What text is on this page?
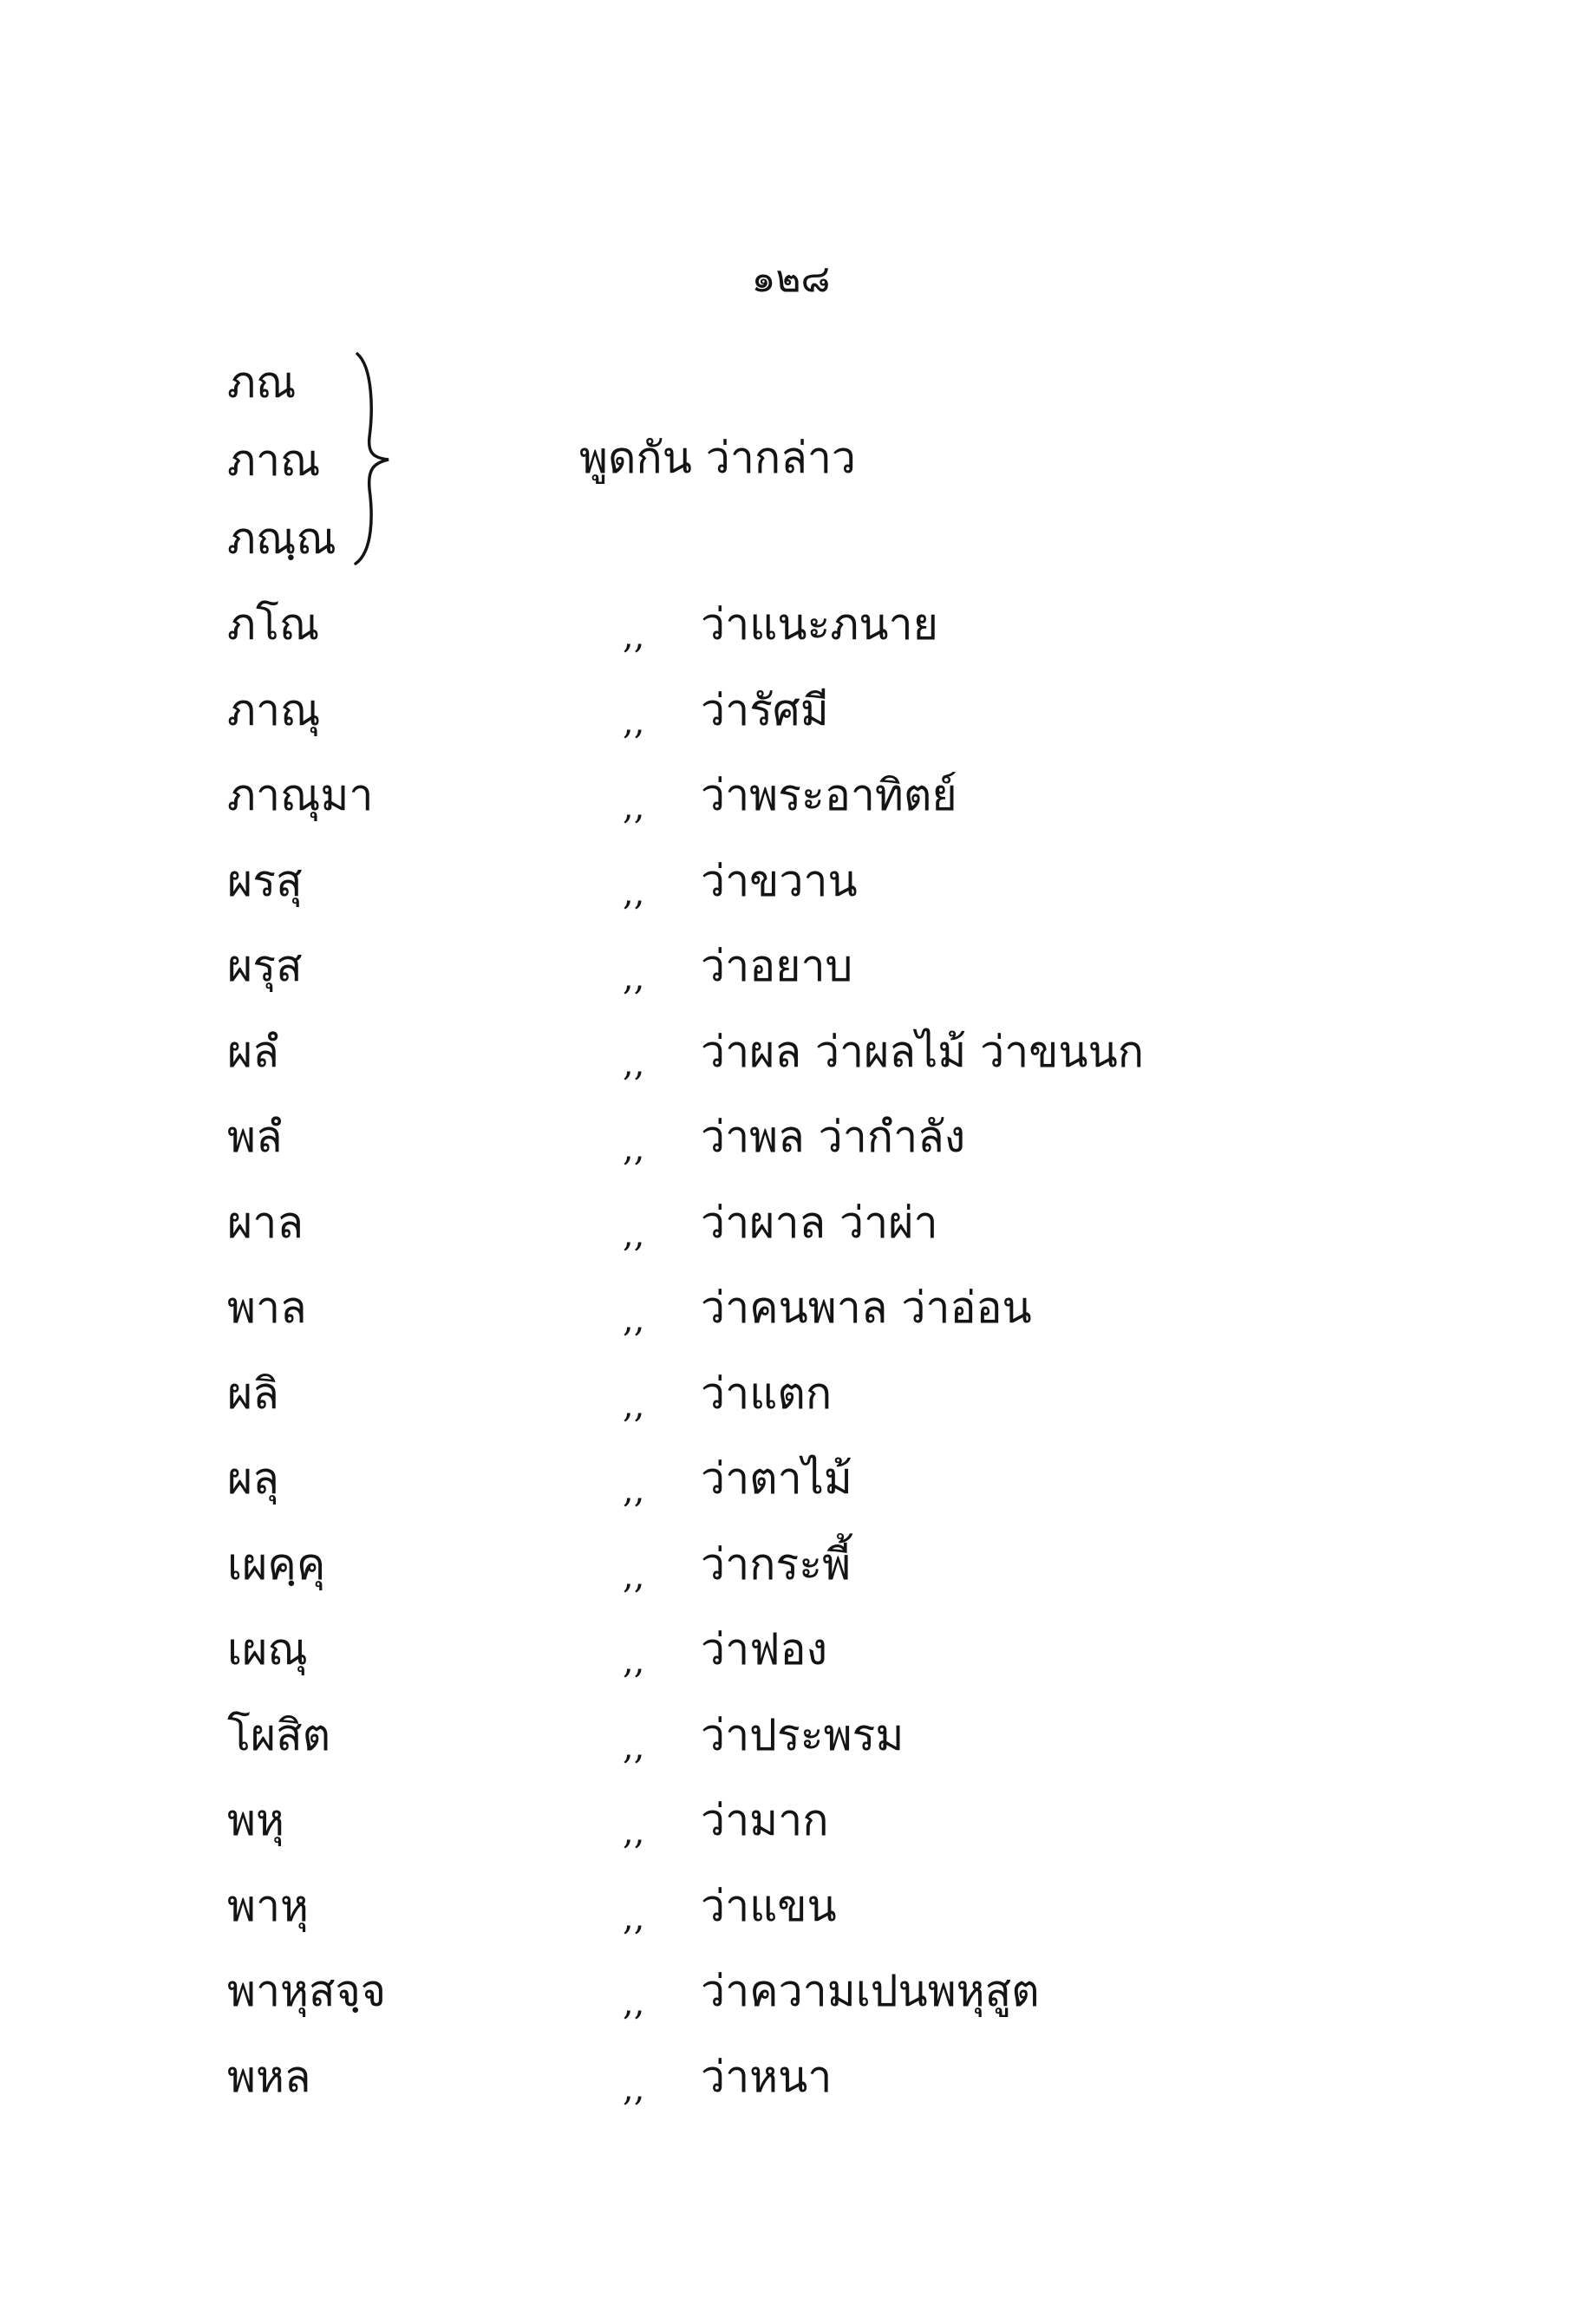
๑๒๘
ภณ
ภาณ
ภณฺณ
พูดกัน ว่ากล่าว
ภโณ	,, ว่าแนะภนาย
ภาณุ	,, ว่ารัศมี
ภาณุมา	,, ว่าพระอาทิตย์
ผรสุ	,, ว่าขวาน
ผรุส	,, ว่าอยาบ
ผลํ	,, ว่าผล ว่าผลไม้ ว่าขนนก
พลํ	,, ว่าพล ว่ากำลัง
ผาล	,, ว่าผาล ว่าผ่า
พาล	,, ว่าคนพาล ว่าอ่อน
ผลิ	,, ว่าแตก
ผลุ	,, ว่าตาไม้
เผคฺคุ	,, ว่ากระพี้
เผณุ	,, ว่าฟอง
โผสิต	,, ว่าประพรม
พหุ	,, ว่ามาก
พาหุ	,, ว่าแขน
พาหุสจฺจ	,, ว่าความเปนพหุสูต
พหล	,, ว่าหนา
